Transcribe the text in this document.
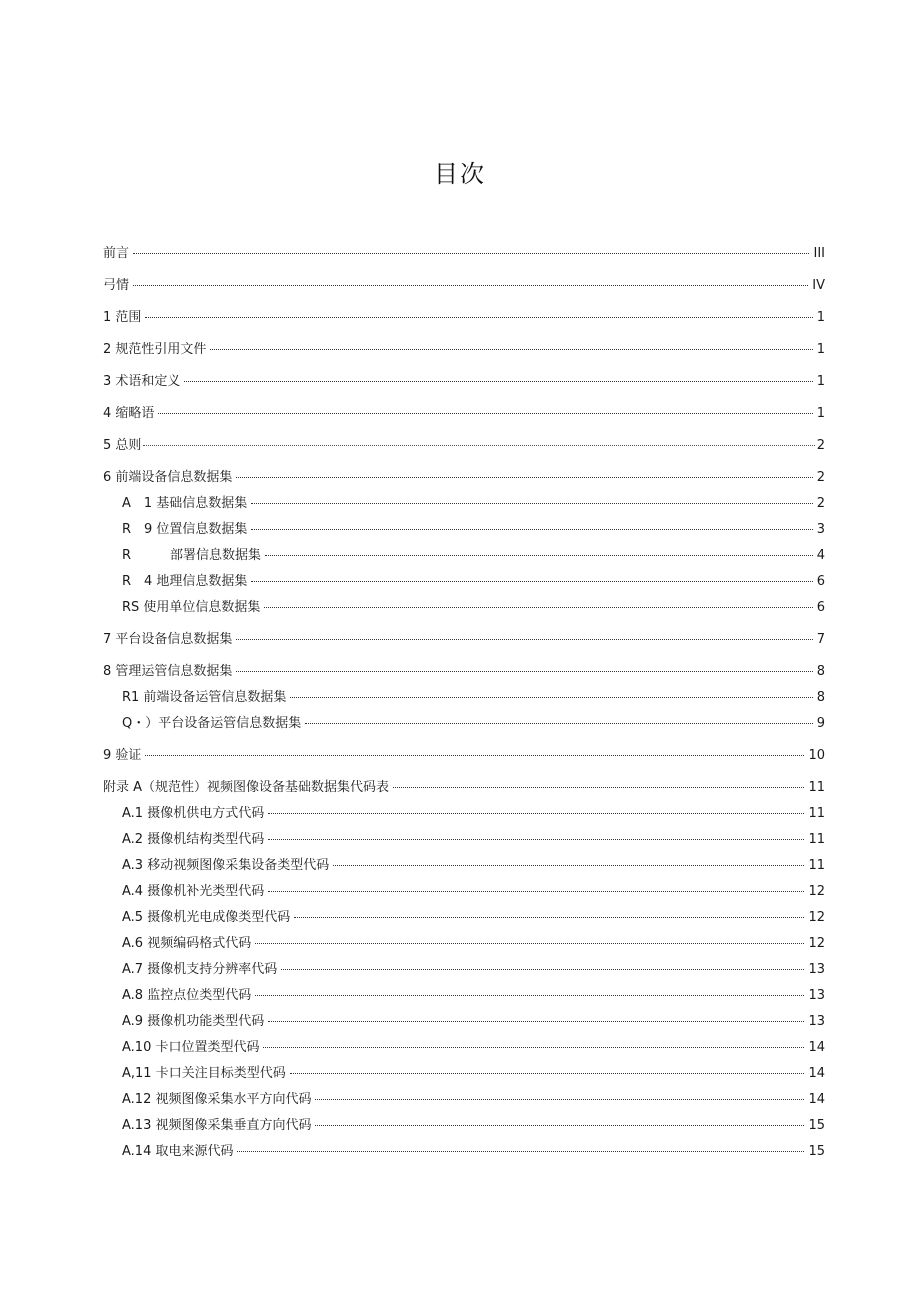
目次
前言	III
弓情	IV
1 范围	1
2 规范性引用文件	1
3 术语和定义	1
4 缩略语	1
5 总则	2
6 前端设备信息数据集	2
A　1 基础信息数据集	2
R　9 位置信息数据集	3
R　　　部署信息数据集	4
R　4 地理信息数据集	6
RS 使用单位信息数据集	6
7 平台设备信息数据集	7
8 管理运管信息数据集	8
R1 前端设备运管信息数据集	8
Q・）平台设备运管信息数据集	9
9 验证	10
附录 A（规范性）视频图像设备基础数据集代码表	11
A.1 摄像机供电方式代码	11
A.2 摄像机结构类型代码	11
A.3 移动视频图像采集设备类型代码	11
A.4 摄像机补光类型代码	12
A.5 摄像机光电成像类型代码	12
A.6 视频编码格式代码	12
A.7 摄像机支持分辨率代码	13
A.8 监控点位类型代码	13
A.9 摄像机功能类型代码	13
A.10 卡口位置类型代码	14
A,11 卡口关注目标类型代码	14
A.12 视频图像采集水平方向代码	14
A.13 视频图像采集垂直方向代码	15
A.14 取电来源代码	15
